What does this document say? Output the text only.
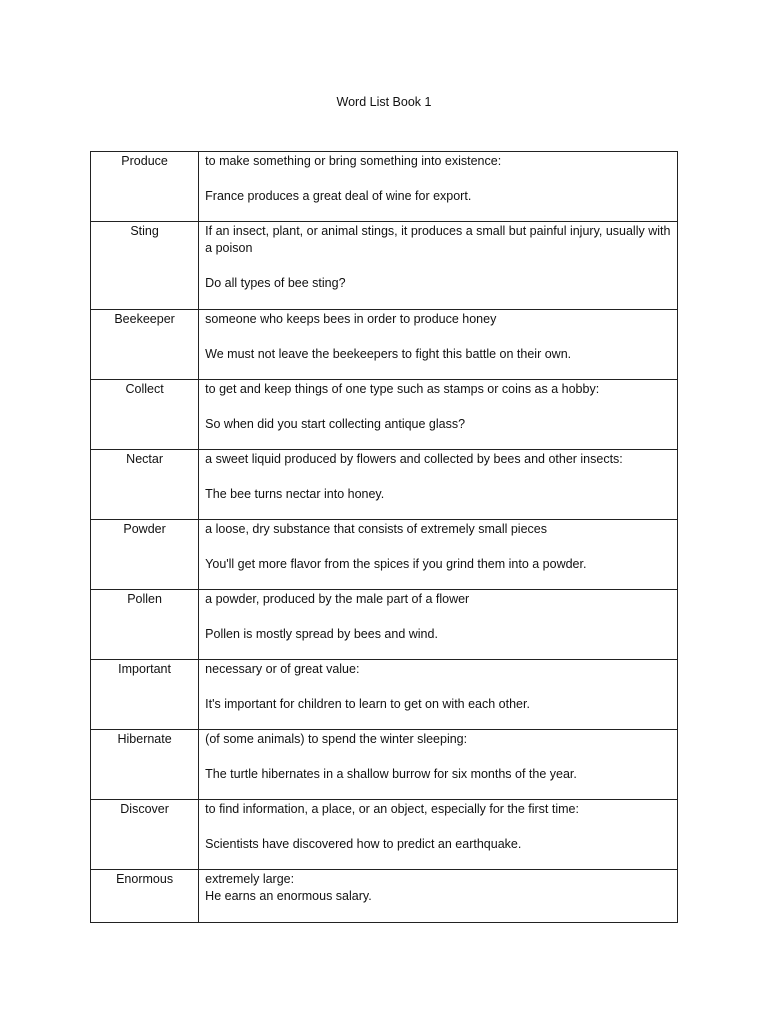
Word List Book 1
Produce	to make something or bring something into existence:
France produces a great deal of wine for export.

Sting	If an insect, plant, or animal stings, it produces a small but painful injury, usually with a poison
Do all types of bee sting?

Beekeeper	someone who keeps bees in order to produce honey
We must not leave the beekeepers to fight this battle on their own.

Collect	to get and keep things of one type such as stamps or coins as a hobby:
So when did you start collecting antique glass?

Nectar	a sweet liquid produced by flowers and collected by bees and other insects:
The bee turns nectar into honey.

Powder	a loose, dry substance that consists of extremely small pieces
You'll get more flavor from the spices if you grind them into a powder.

Pollen	a powder, produced by the male part of a flower
Pollen is mostly spread by bees and wind.

Important	necessary or of great value:
It's important for children to learn to get on with each other.

Hibernate	(of some animals) to spend the winter sleeping:
The turtle hibernates in a shallow burrow for six months of the year.

Discover	to find information, a place, or an object, especially for the first time:
Scientists have discovered how to predict an earthquake.

Enormous	extremely large:
He earns an enormous salary.
